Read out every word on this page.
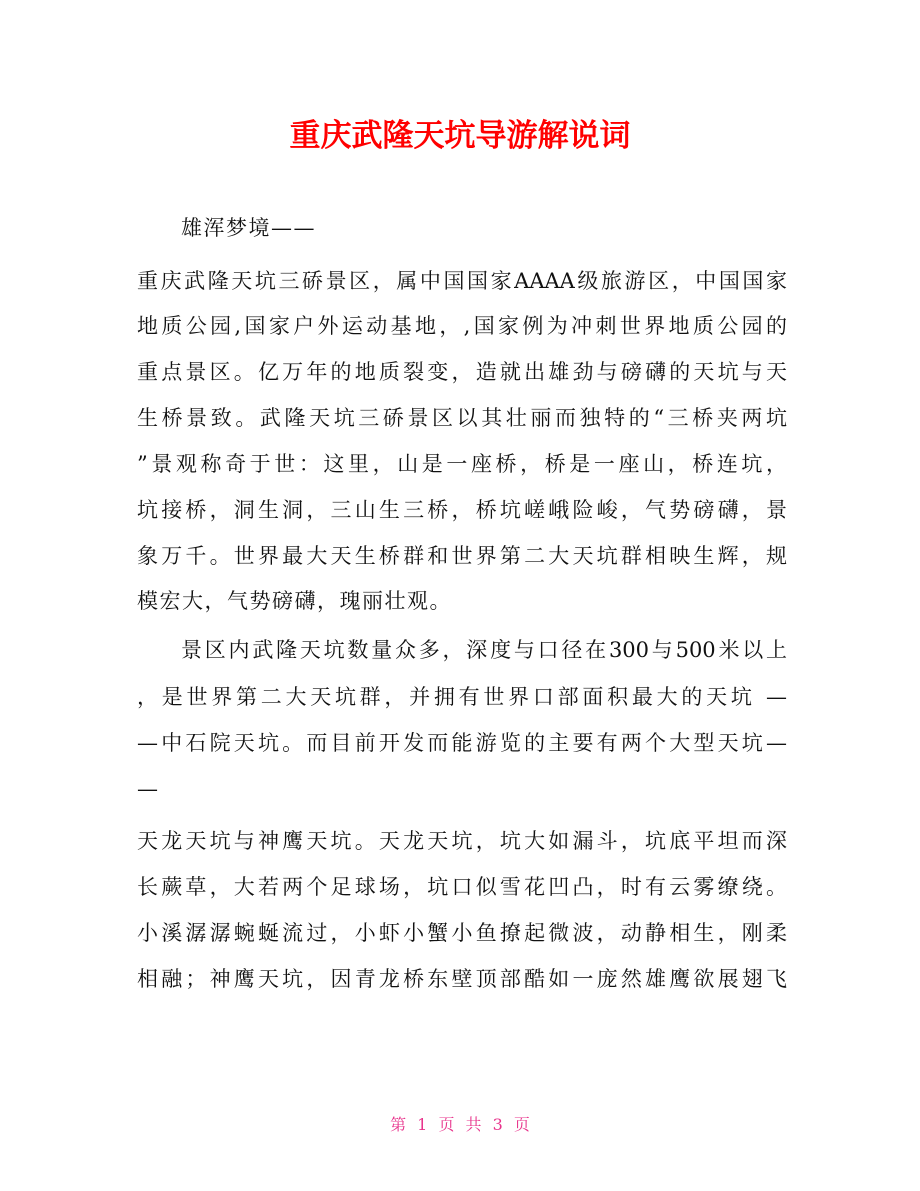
重庆武隆天坑导游解说词
雄浑梦境——
重庆武隆天坑三硚景区，属中国国家AAAA级旅游区，中国国家
地质公园,国家户外运动基地，,国家例为冲刺世界地质公园的
重点景区。亿万年的地质裂变，造就出雄劲与磅礴的天坑与天
生桥景致。武隆天坑三硚景区以其壮丽而独特的“三桥夹两坑
”景观称奇于世：这里，山是一座桥，桥是一座山，桥连坑，
坑接桥，洞生洞，三山生三桥，桥坑嵯峨险峻，气势磅礴，景
象万千。世界最大天生桥群和世界第二大天坑群相映生辉，规
模宏大，气势磅礴，瑰丽壮观。
景区内武隆天坑数量众多，深度与口径在300与500米以上
，是世界第二大天坑群，并拥有世界口部面积最大的天坑 —
—中石院天坑。而目前开发而能游览的主要有两个大型天坑—
—
天龙天坑与神鹰天坑。天龙天坑，坑大如漏斗，坑底平坦而深
长蕨草，大若两个足球场，坑口似雪花凹凸，时有云雾缭绕。
小溪潺潺蜿蜒流过，小虾小蟹小鱼撩起微波，动静相生，刚柔
相融；神鹰天坑，因青龙桥东壁顶部酷如一庞然雄鹰欲展翅飞
第 1 页 共 3 页
